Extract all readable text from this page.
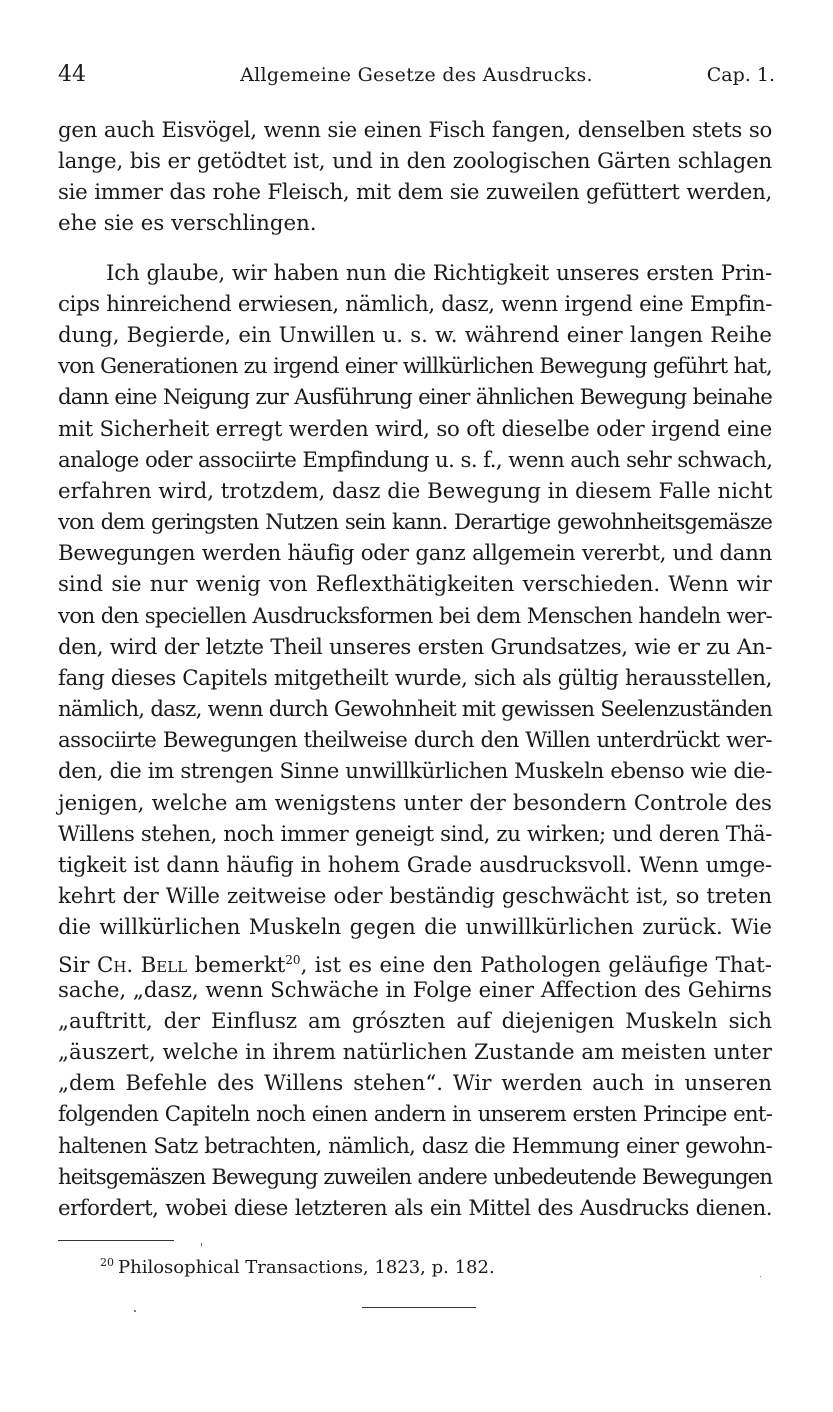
44	Allgemeine Gesetze des Ausdrucks.	Cap. 1.
gen auch Eisvögel, wenn sie einen Fisch fangen, denselben stets so
lange, bis er getödtet ist, und in den zoologischen Gärten schlagen
sie immer das rohe Fleisch, mit dem sie zuweilen gefüttert werden,
ehe sie es verschlingen.
Ich glaube, wir haben nun die Richtigkeit unseres ersten Prin-
cips hinreichend erwiesen, nämlich, dasz, wenn irgend eine Empfin-
dung, Begierde, ein Unwillen u. s. w. während einer langen Reihe
von Generationen zu irgend einer willkürlichen Bewegung geführt hat,
dann eine Neigung zur Ausführung einer ähnlichen Bewegung beinahe
mit Sicherheit erregt werden wird, so oft dieselbe oder irgend eine
analoge oder associirte Empfindung u. s. f., wenn auch sehr schwach,
erfahren wird, trotzdem, dasz die Bewegung in diesem Falle nicht
von dem geringsten Nutzen sein kann. Derartige gewohnheitsgemäsze
Bewegungen werden häufig oder ganz allgemein vererbt, und dann
sind sie nur wenig von Reflexthätigkeiten verschieden. Wenn wir
von den speciellen Ausdrucksformen bei dem Menschen handeln wer-
den, wird der letzte Theil unseres ersten Grundsatzes, wie er zu An-
fang dieses Capitels mitgetheilt wurde, sich als gültig herausstellen,
nämlich, dasz, wenn durch Gewohnheit mit gewissen Seelenzuständen
associirte Bewegungen theilweise durch den Willen unterdrückt wer-
den, die im strengen Sinne unwillkürlichen Muskeln ebenso wie die-
jenigen, welche am wenigstens unter der besondern Controle des
Willens stehen, noch immer geneigt sind, zu wirken; und deren Thä-
tigkeit ist dann häufig in hohem Grade ausdrucksvoll. Wenn umge-
kehrt der Wille zeitweise oder beständig geschwächt ist, so treten
die willkürlichen Muskeln gegen die unwillkürlichen zurück. Wie
Sir Ch. Bell bemerkt$^{20}$, ist es eine den Pathologen geläufige That-
sache, „dasz, wenn Schwäche in Folge einer Affection des Gehirns
„auftritt, der Einflusz am grószten auf diejenigen Muskeln sich
„äuszert, welche in ihrem natürlichen Zustande am meisten unter
„dem Befehle des Willens stehen“. Wir werden auch in unseren
folgenden Capiteln noch einen andern in unserem ersten Principe ent-
haltenen Satz betrachten, nämlich, dasz die Hemmung einer gewohn-
heitsgemäszen Bewegung zuweilen andere unbedeutende Bewegungen
erfordert, wobei diese letzteren als ein Mittel des Ausdrucks dienen.
$^{20}$ Philosophical Transactions, 1823, p. 182.
